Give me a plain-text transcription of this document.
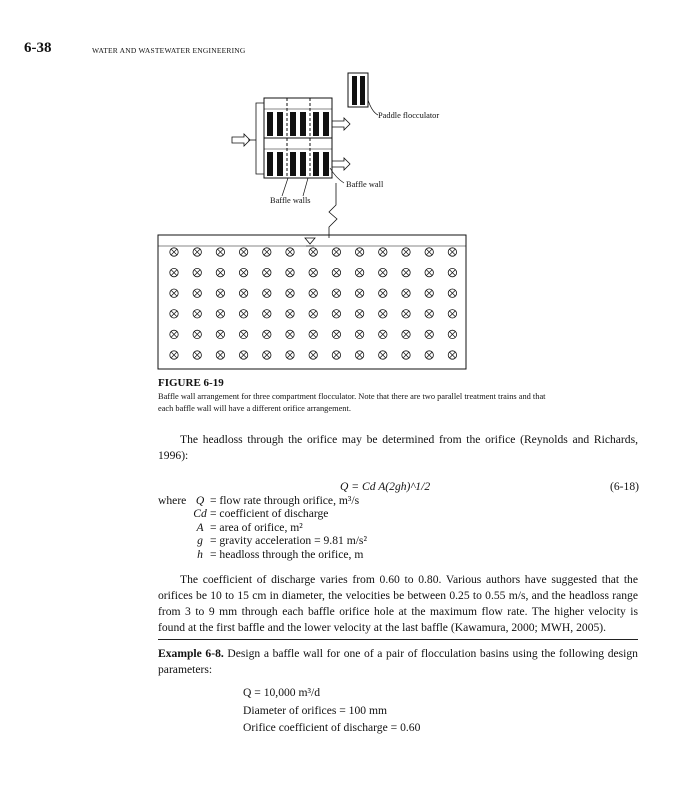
6-38	WATER AND WASTEWATER ENGINEERING
Paddle flocculator
Baffle wall
Baffle walls
FIGURE 6-19
Baffle wall arrangement for three compartment flocculator. Note that there are two parallel treatment trains and that each baffle wall will have a different orifice arrangement.
The headloss through the orifice may be determined from the orifice (Reynolds and Richards, 1996):
Q = Cd A(2gh)^1/2	(6-18)
where Q = flow rate through orifice, m³/s
Cd = coefficient of discharge
A = area of orifice, m²
g = gravity acceleration = 9.81 m/s²
h = headloss through the orifice, m
The coefficient of discharge varies from 0.60 to 0.80. Various authors have suggested that the orifices be 10 to 15 cm in diameter, the velocities be between 0.25 to 0.55 m/s, and the headloss range from 3 to 9 mm through each baffle orifice hole at the maximum flow rate. The higher velocity is found at the first baffle and the lower velocity at the last baffle (Kawamura, 2000; MWH, 2005).
Example 6-8. Design a baffle wall for one of a pair of flocculation basins using the following design parameters:
Q = 10,000 m³/d
Diameter of orifices = 100 mm
Orifice coefficient of discharge = 0.60
